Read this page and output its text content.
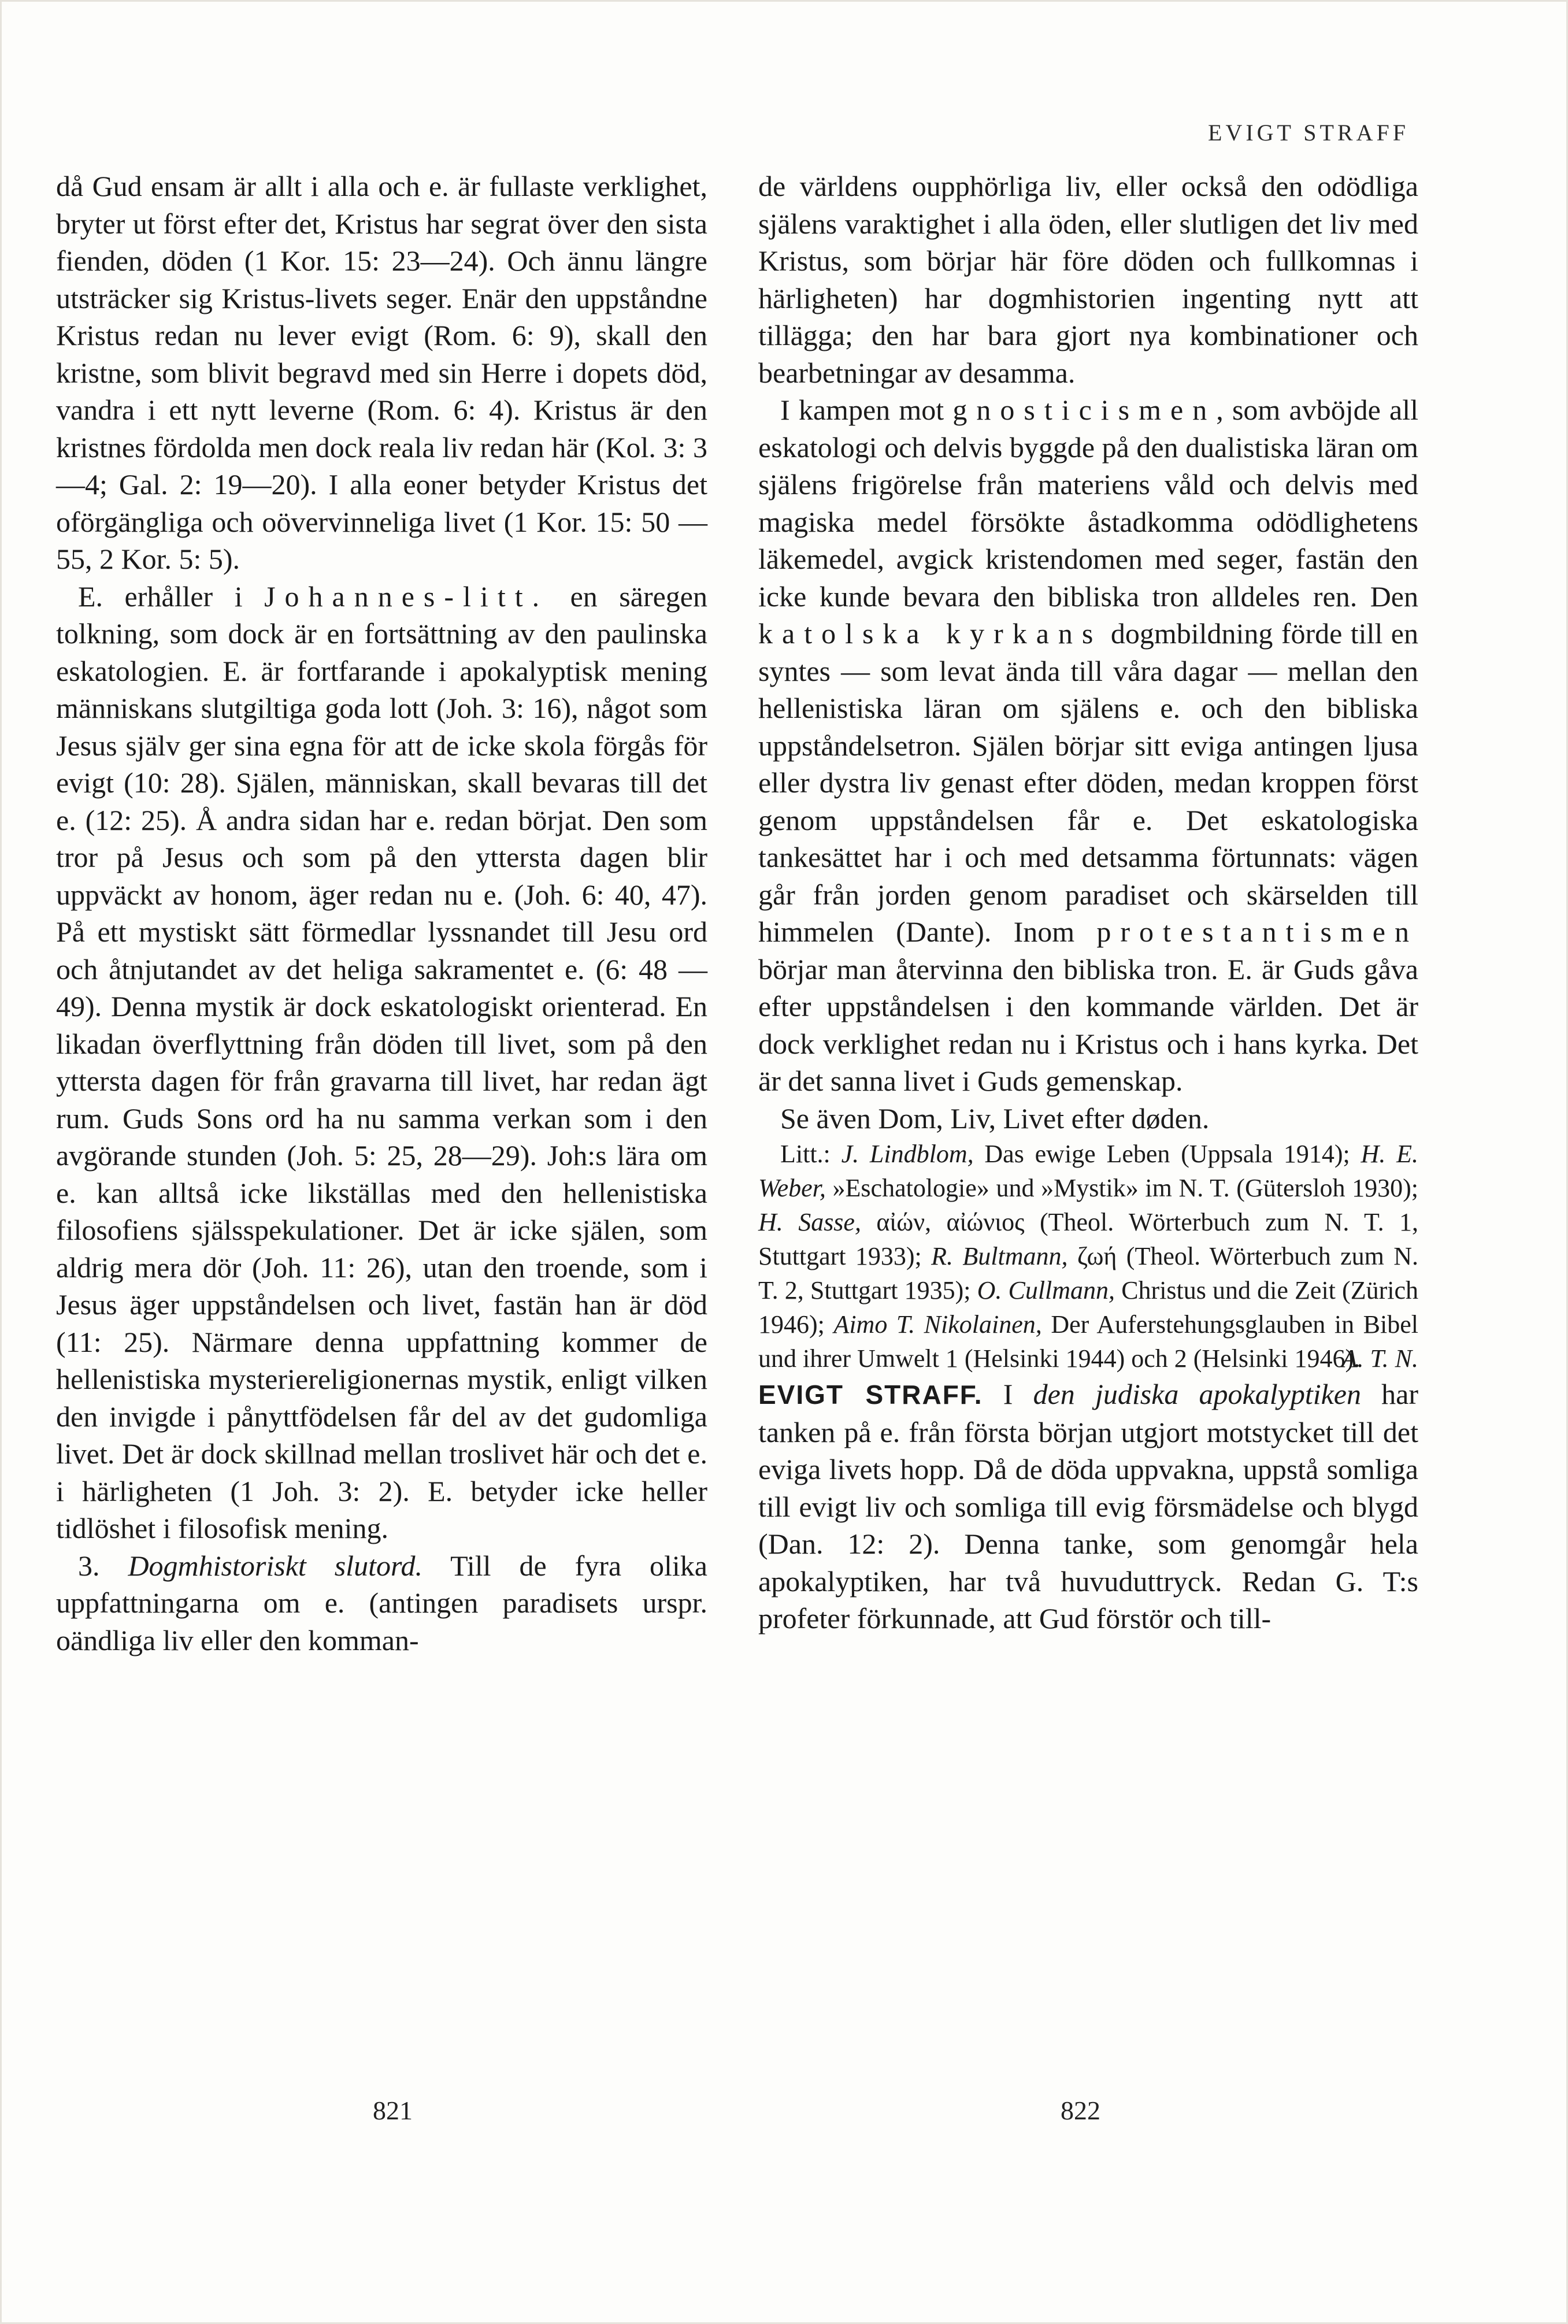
EVIGT STRAFF

då Gud ensam är allt i alla och e. är fullaste verklighet, bryter ut först efter det, Kristus har segrat över den sista fienden, döden (1 Kor. 15: 23—24). Och ännu längre utsträcker sig Kristus-livets seger. Enär den uppståndne Kristus redan nu lever evigt (Rom. 6: 9), skall den kristne, som blivit begravd med sin Herre i dopets död, vandra i ett nytt leverne (Rom. 6: 4). Kristus är den kristnes fördolda men dock reala liv redan här (Kol. 3: 3—4; Gal. 2: 19—20). I alla eoner betyder Kristus det oförgängliga och oövervinneliga livet (1 Kor. 15: 50 —55, 2 Kor. 5: 5).

E. erhåller i Johannes-litt. en säregen tolkning, som dock är en fortsättning av den paulinska eskatologien. E. är fortfarande i apokalyptisk mening människans slutgiltiga goda lott (Joh. 3: 16), något som Jesus själv ger sina egna för att de icke skola förgås för evigt (10: 28). Själen, människan, skall bevaras till det e. (12: 25). Å andra sidan har e. redan börjat. Den som tror på Jesus och som på den yttersta dagen blir uppväckt av honom, äger redan nu e. (Joh. 6: 40, 47). På ett mystiskt sätt förmedlar lyssnandet till Jesu ord och åtnjutandet av det heliga sakramentet e. (6: 48 —49). Denna mystik är dock eskatologiskt orienterad. En likadan överflyttning från döden till livet, som på den yttersta dagen för från gravarna till livet, har redan ägt rum. Guds Sons ord ha nu samma verkan som i den avgörande stunden (Joh. 5: 25, 28—29). Joh:s lära om e. kan alltså icke likställas med den hellenistiska filosofiens själsspekulationer. Det är icke själen, som aldrig mera dör (Joh. 11: 26), utan den troende, som i Jesus äger uppståndelsen och livet, fastän han är död (11: 25). Närmare denna uppfattning kommer de hellenistiska mysteriereligionernas mystik, enligt vilken den invigde i pånyttfödelsen får del av det gudomliga livet. Det är dock skillnad mellan troslivet här och det e. i härligheten (1 Joh. 3: 2). E. betyder icke heller tidlöshet i filosofisk mening.

3. Dogmhistoriskt slutord. Till de fyra olika uppfattningarna om e. (antingen paradisets urspr. oändliga liv eller den komman-

de världens oupphörliga liv, eller också den odödliga själens varaktighet i alla öden, eller slutligen det liv med Kristus, som börjar här före döden och fullkomnas i härligheten) har dogmhistorien ingenting nytt att tillägga; den har bara gjort nya kombinationer och bearbetningar av desamma.

I kampen mot gnosticismen, som avböjde all eskatologi och delvis byggde på den dualistiska läran om själens frigörelse från materiens våld och delvis med magiska medel försökte åstadkomma odödlighetens läkemedel, avgick kristendomen med seger, fastän den icke kunde bevara den bibliska tron alldeles ren. Den katolska kyrkans dogmbildning förde till en syntes — som levat ända till våra dagar — mellan den hellenistiska läran om själens e. och den bibliska uppståndelsetron. Själen börjar sitt eviga antingen ljusa eller dystra liv genast efter döden, medan kroppen först genom uppståndelsen får e. Det eskatologiska tankesättet har i och med detsamma förtunnats: vägen går från jorden genom paradiset och skärselden till himmelen (Dante). Inom protestantismen börjar man återvinna den bibliska tron. E. är Guds gåva efter uppståndelsen i den kommande världen. Det är dock verklighet redan nu i Kristus och i hans kyrka. Det är det sanna livet i Guds gemenskap.

Se även Dom, Liv, Livet efter døden.

Litt.: J. Lindblom, Das ewige Leben (Uppsala 1914); H. E. Weber, »Eschatologie» und »Mystik» im N. T. (Gütersloh 1930); H. Sasse, αἰών, αἰώνιος (Theol. Wörterbuch zum N. T. 1, Stuttgart 1933); R. Bultmann, ζωή (Theol. Wörterbuch zum N. T. 2, Stuttgart 1935); O. Cullmann, Christus und die Zeit (Zürich 1946); Aimo T. Nikolainen, Der Auferstehungsglauben in Bibel und ihrer Umwelt 1 (Helsinki 1944) och 2 (Helsinki 1946).

A. T. N.

EVIGT STRAFF. I den judiska apokalyptiken har tanken på e. från första början utgjort motstycket till det eviga livets hopp. Då de döda uppvakna, uppstå somliga till evigt liv och somliga till evig försmädelse och blygd (Dan. 12: 2). Denna tanke, som genomgår hela apokalyptiken, har två huvuduttryck. Redan G. T:s profeter förkunnade, att Gud förstör och till-

821	822
